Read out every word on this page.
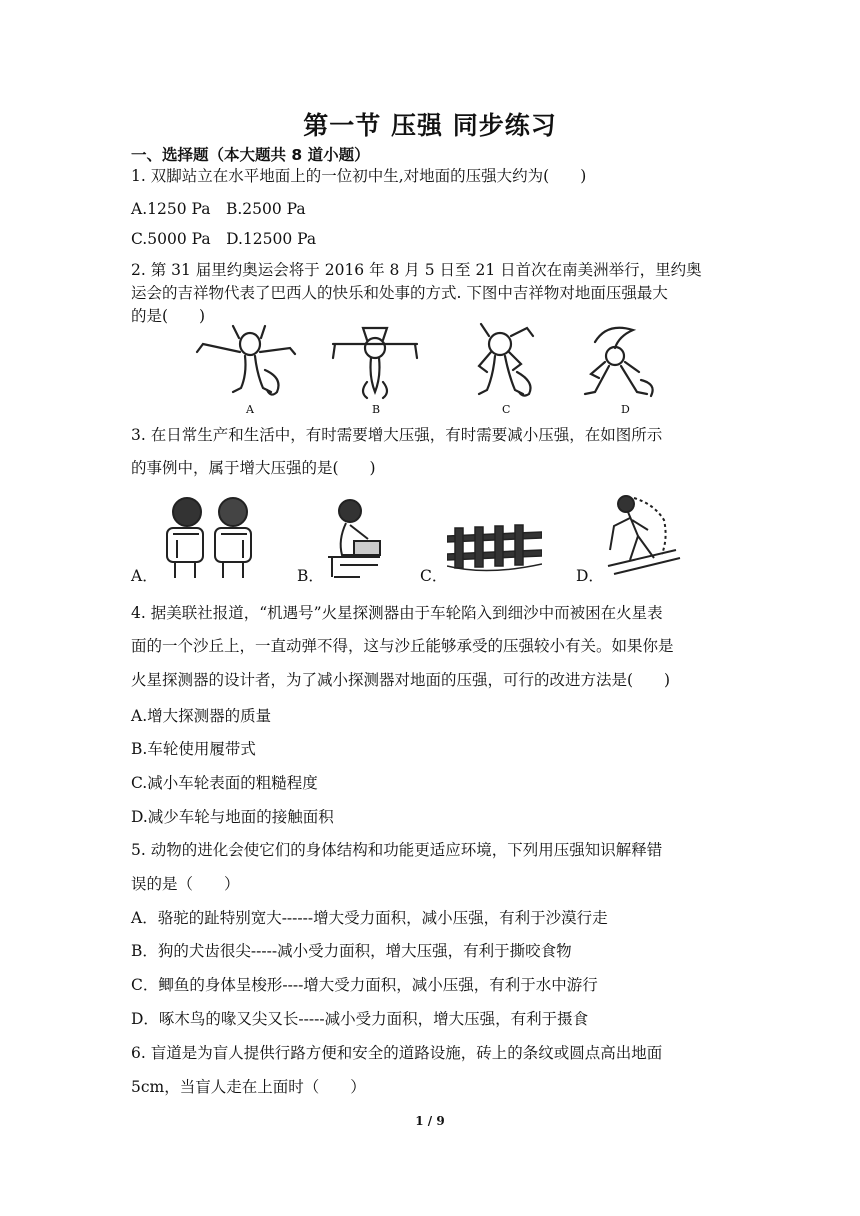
第一节 压强 同步练习
一、选择题（本大题共 8 道小题）
1. 双脚站立在水平地面上的一位初中生,对地面的压强大约为(　　)
A.1250 Pa　B.2500 Pa
C.5000 Pa　D.12500 Pa
2. 第 31 届里约奥运会将于 2016 年 8 月 5 日至 21 日首次在南美洲举行，里约奥
运会的吉祥物代表了巴西人的快乐和处事的方式. 下图中吉祥物对地面压强最大
的是(　　)
A	B	C	D
3. 在日常生产和生活中，有时需要增大压强，有时需要减小压强，在如图所示
的事例中，属于增大压强的是(　　)
A．	B．	C．	D．
4. 据美联社报道，“机遇号”火星探测器由于车轮陷入到细沙中而被困在火星表
面的一个沙丘上，一直动弹不得，这与沙丘能够承受的压强较小有关。如果你是
火星探测器的设计者，为了减小探测器对地面的压强，可行的改进方法是(　　)
A.增大探测器的质量
B.车轮使用履带式
C.减小车轮表面的粗糙程度
D.减少车轮与地面的接触面积
5. 动物的进化会使它们的身体结构和功能更适应环境，下列用压强知识解释错
误的是（　　）
A．骆驼的趾特别宽大------增大受力面积，减小压强，有利于沙漠行走
B．狗的犬齿很尖-----减小受力面积，增大压强，有利于撕咬食物
C．鲫鱼的身体呈梭形----增大受力面积，减小压强，有利于水中游行
D．啄木鸟的喙又尖又长-----减小受力面积，增大压强，有利于摄食
6. 盲道是为盲人提供行路方便和安全的道路设施，砖上的条纹或圆点高出地面
5cm，当盲人走在上面时（　　）
1 / 9
